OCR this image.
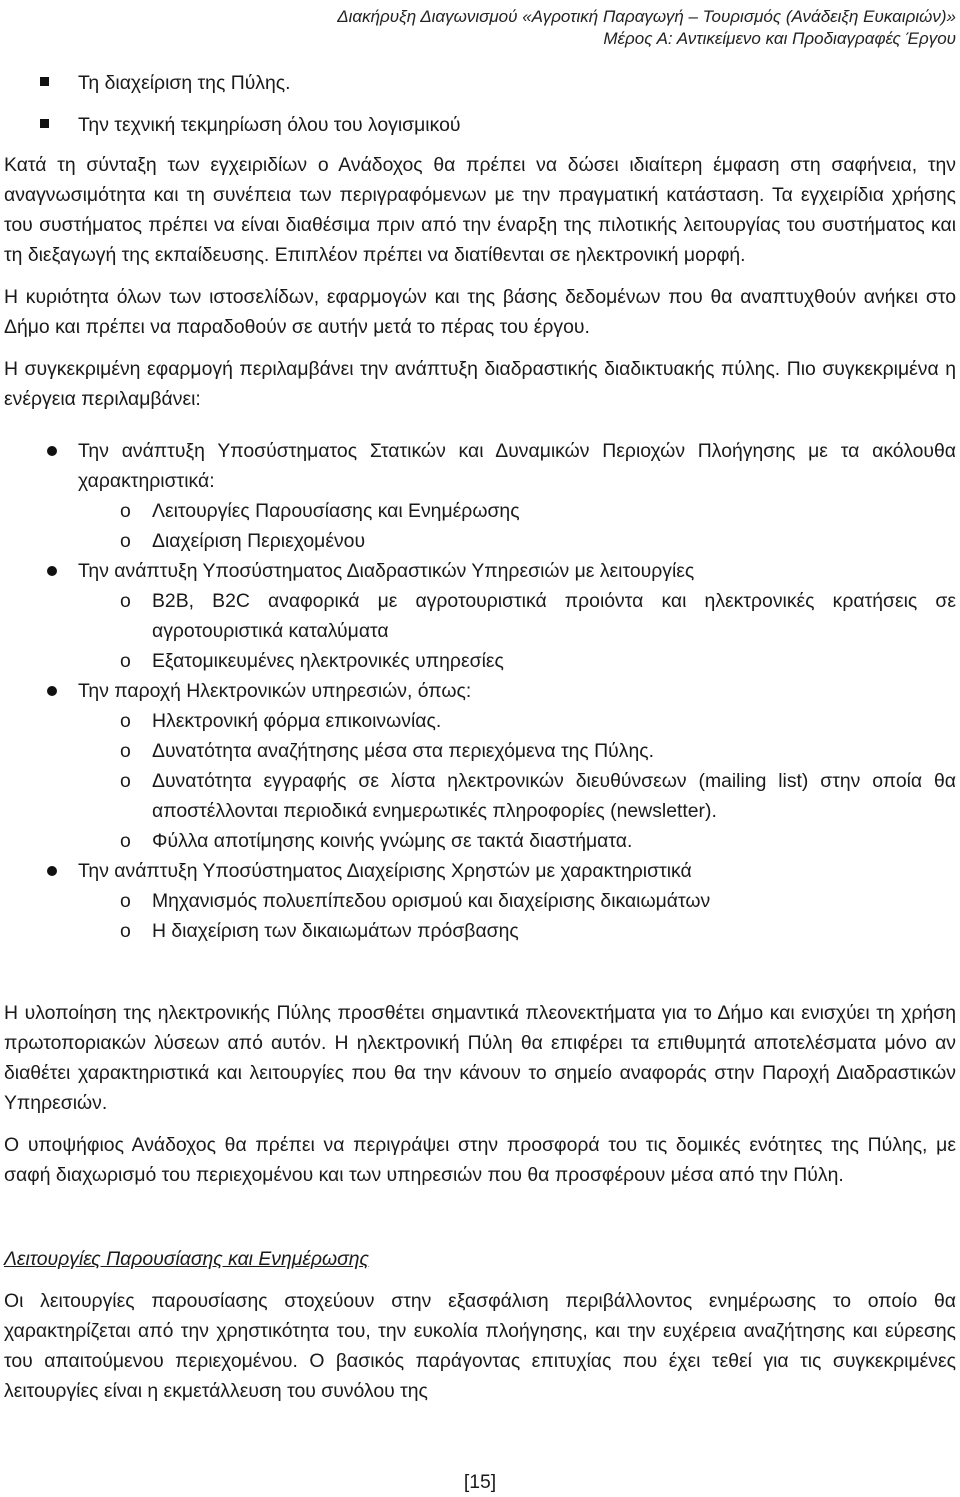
Διακήρυξη Διαγωνισμού «Αγροτική Παραγωγή – Τουρισμός (Ανάδειξη Ευκαιριών)»
Μέρος Α: Αντικείμενο και Προδιαγραφές Έργου
Τη διαχείριση της Πύλης.
Την τεχνική τεκμηρίωση όλου του λογισμικού

Κατά τη σύνταξη των εγχειριδίων ο Ανάδοχος θα πρέπει να δώσει ιδιαίτερη έμφαση στη σαφήνεια, την αναγνωσιμότητα και τη συνέπεια των περιγραφόμενων με την πραγματική κατάσταση. Τα εγχειρίδια χρήσης του συστήματος πρέπει να είναι διαθέσιμα πριν από την έναρξη της πιλοτικής λειτουργίας του συστήματος και τη διεξαγωγή της εκπαίδευσης. Επιπλέον πρέπει να διατίθενται σε ηλεκτρονική μορφή.

Η κυριότητα όλων των ιστοσελίδων, εφαρμογών και της βάσης δεδομένων που θα αναπτυχθούν ανήκει στο Δήμο και πρέπει να παραδοθούν σε αυτήν μετά το πέρας του έργου.

Η συγκεκριμένη εφαρμογή περιλαμβάνει την ανάπτυξη διαδραστικής διαδικτυακής πύλης. Πιο συγκεκριμένα η ενέργεια περιλαμβάνει:

Την ανάπτυξη Υποσύστηματος Στατικών και Δυναμικών Περιοχών Πλοήγησης με τα ακόλουθα χαρακτηριστικά:
o Λειτουργίες Παρουσίασης και Ενημέρωσης
o Διαχείριση Περιεχομένου
Την ανάπτυξη Υποσύστηματος Διαδραστικών Υπηρεσιών με λειτουργίες
o B2B, B2C αναφορικά με αγροτουριστικά προιόντα και ηλεκτρονικές κρατήσεις σε αγροτουριστικά καταλύματα
o Εξατομικευμένες ηλεκτρονικές υπηρεσίες
Την παροχή Ηλεκτρονικών υπηρεσιών, όπως:
o Ηλεκτρονική φόρμα επικοινωνίας.
o Δυνατότητα αναζήτησης μέσα στα περιεχόμενα της Πύλης.
o Δυνατότητα εγγραφής σε λίστα ηλεκτρονικών διευθύνσεων (mailing list) στην οποία θα αποστέλλονται περιοδικά ενημερωτικές πληροφορίες (newsletter).
o Φύλλα αποτίμησης κοινής γνώμης σε τακτά διαστήματα.
Την ανάπτυξη Υποσύστηματος Διαχείρισης Χρηστών με χαρακτηριστικά
o Μηχανισμός πολυεπίπεδου ορισμού και διαχείρισης δικαιωμάτων
o Η διαχείριση των δικαιωμάτων πρόσβασης

Η υλοποίηση της ηλεκτρονικής Πύλης προσθέτει σημαντικά πλεονεκτήματα για το Δήμο και ενισχύει τη χρήση πρωτοποριακών λύσεων από αυτόν. Η ηλεκτρονική Πύλη θα επιφέρει τα επιθυμητά αποτελέσματα μόνο αν διαθέτει χαρακτηριστικά και λειτουργίες που θα την κάνουν το σημείο αναφοράς στην Παροχή Διαδραστικών Υπηρεσιών.

Ο υποψήφιος Ανάδοχος θα πρέπει να περιγράψει στην προσφορά του τις δομικές ενότητες της Πύλης, με σαφή διαχωρισμό του περιεχομένου και των υπηρεσιών που θα προσφέρουν μέσα από την Πύλη.

Λειτουργίες Παρουσίασης και Ενημέρωσης

Οι λειτουργίες παρουσίασης στοχεύουν στην εξασφάλιση περιβάλλοντος ενημέρωσης το οποίο θα χαρακτηρίζεται από την χρηστικότητα του, την ευκολία πλοήγησης, και την ευχέρεια αναζήτησης και εύρεσης του απαιτούμενου περιεχομένου. Ο βασικός παράγοντας επιτυχίας που έχει τεθεί για τις συγκεκριμένες λειτουργίες είναι η εκμετάλλευση του συνόλου της

[15]
